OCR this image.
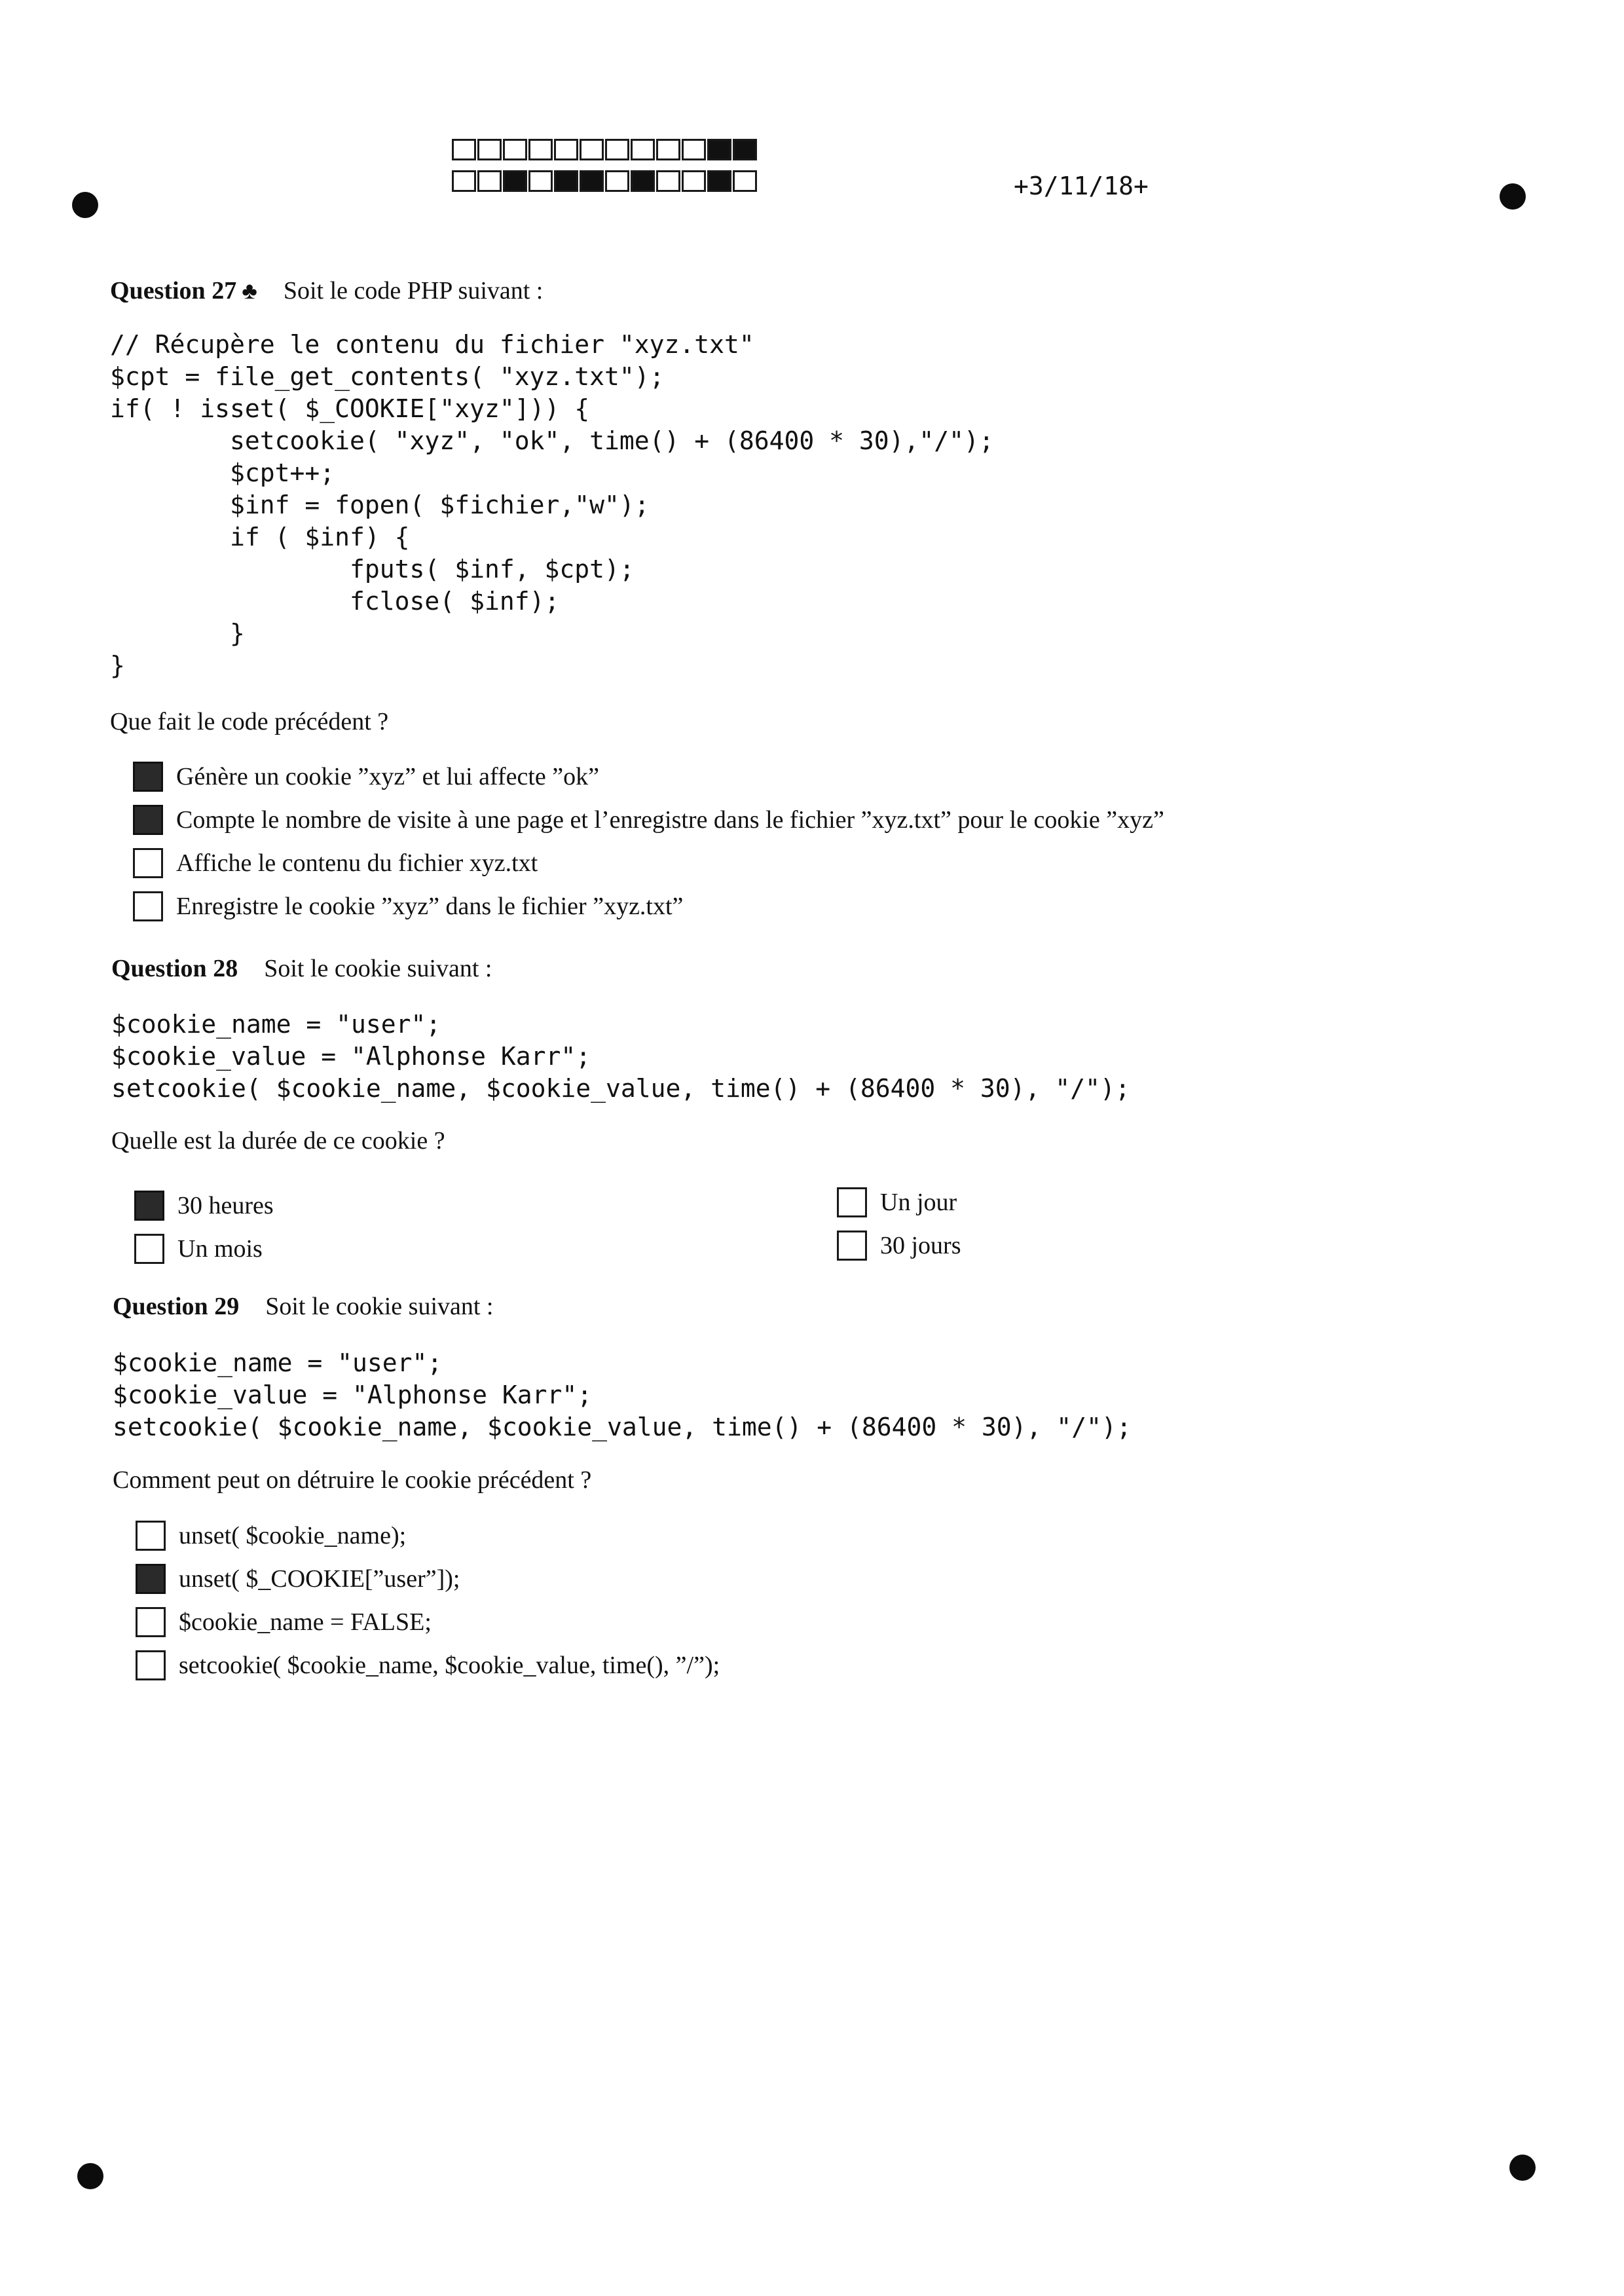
+3/11/18+
Question 27 ♣ Soit le code PHP suivant :
// Récupère le contenu du fichier "xyz.txt"
$cpt = file_get_contents( "xyz.txt");
if( ! isset( $_COOKIE["xyz"])) {
setcookie( "xyz", "ok", time() + (86400 * 30),"/");
$cpt++;
$inf = fopen( $fichier,"w");
if ( $inf) {
fputs( $inf, $cpt);
fclose( $inf);
}
}
Que fait le code précédent ?
Génère un cookie ”xyz” et lui affecte ”ok”
Compte le nombre de visite à une page et l’enregistre dans le fichier ”xyz.txt” pour le cookie ”xyz”
Affiche le contenu du fichier xyz.txt
Enregistre le cookie ”xyz” dans le fichier ”xyz.txt”
Question 28 Soit le cookie suivant :
$cookie_name = "user";
$cookie_value = "Alphonse Karr";
setcookie( $cookie_name, $cookie_value, time() + (86400 * 30), "/");
Quelle est la durée de ce cookie ?
30 heures
Un mois
Un jour
30 jours
Question 29 Soit le cookie suivant :
$cookie_name = "user";
$cookie_value = "Alphonse Karr";
setcookie( $cookie_name, $cookie_value, time() + (86400 * 30), "/");
Comment peut on détruire le cookie précédent ?
unset( $cookie_name);
unset( $_COOKIE[”user”]);
$cookie_name = FALSE;
setcookie( $cookie_name, $cookie_value, time(), ”/”);
